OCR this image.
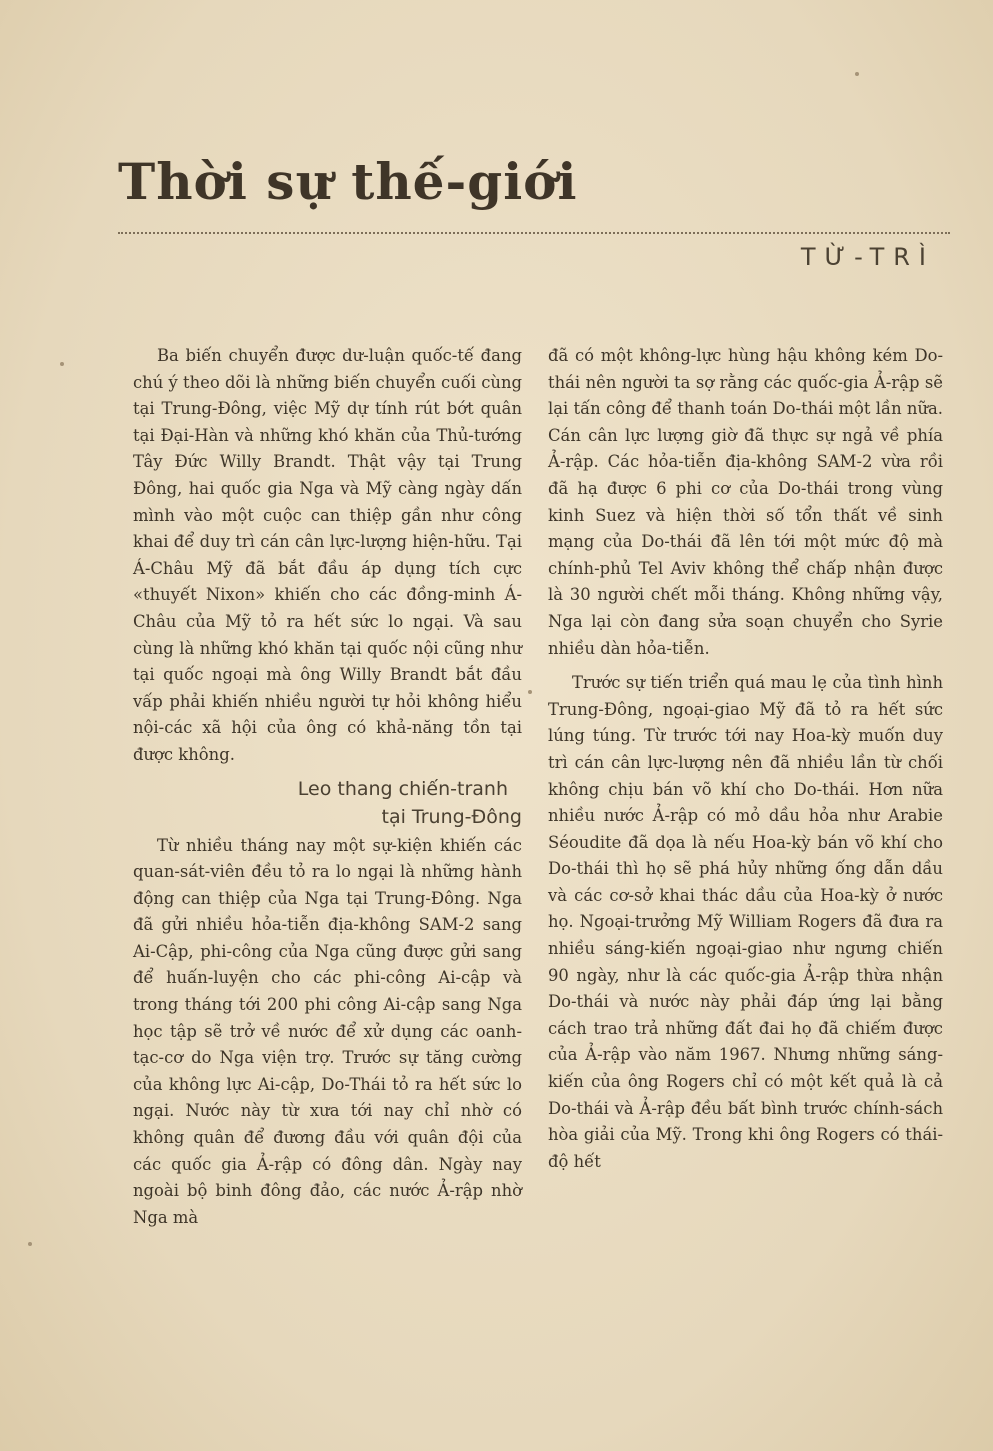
Thời sự thế-giới
TỪ-TRÌ

Ba biến chuyển được dư-luận quốc-tế đang chú ý theo dõi là những biến chuyển cuối cùng tại Trung-Đông, việc Mỹ dự tính rút bớt quân tại Đại-Hàn và những khó khăn của Thủ-tướng Tây Đức Willy Brandt. Thật vậy tại Trung Đông, hai quốc gia Nga và Mỹ càng ngày dấn mình vào một cuộc can thiệp gần như công khai để duy trì cán cân lực-lượng hiện-hữu. Tại Á-Châu Mỹ đã bắt đầu áp dụng tích cực «thuyết Nixon» khiến cho các đồng-minh Á-Châu của Mỹ tỏ ra hết sức lo ngại. Và sau cùng là những khó khăn tại quốc nội cũng như tại quốc ngoại mà ông Willy Brandt bắt đầu vấp phải khiến nhiều người tự hỏi không hiểu nội-các xã hội của ông có khả-năng tồn tại được không.

Leo thang chiến-tranh
tại Trung-Đông

Từ nhiều tháng nay một sự-kiện khiến các quan-sát-viên đều tỏ ra lo ngại là những hành động can thiệp của Nga tại Trung-Đông. Nga đã gửi nhiều hỏa-tiễn địa-không SAM-2 sang Ai-Cập, phi-công của Nga cũng được gửi sang để huấn-luyện cho các phi-công Ai-cập và trong tháng tới 200 phi công Ai-cập sang Nga học tập sẽ trở về nước để xử dụng các oanh-tạc-cơ do Nga viện trợ. Trước sự tăng cường của không lực Ai-cập, Do-Thái tỏ ra hết sức lo ngại. Nước này từ xưa tới nay chỉ nhờ có không quân để đương đầu với quân đội của các quốc gia Ả-rập có đông dân. Ngày nay ngoài bộ binh đông đảo, các nước Ả-rập nhờ Nga mà

đã có một không-lực hùng hậu không kém Do-thái nên người ta sợ rằng các quốc-gia Ả-rập sẽ lại tấn công để thanh toán Do-thái một lần nữa. Cán cân lực lượng giờ đã thực sự ngả về phía Ả-rập. Các hỏa-tiễn địa-không SAM-2 vừa rồi đã hạ được 6 phi cơ của Do-thái trong vùng kinh Suez và hiện thời số tổn thất về sinh mạng của Do-thái đã lên tới một mức độ mà chính-phủ Tel Aviv không thể chấp nhận được là 30 người chết mỗi tháng. Không những vậy, Nga lại còn đang sửa soạn chuyển cho Syrie nhiều dàn hỏa-tiễn.

Trước sự tiến triển quá mau lẹ của tình hình Trung-Đông, ngoại-giao Mỹ đã tỏ ra hết sức lúng túng. Từ trước tới nay Hoa-kỳ muốn duy trì cán cân lực-lượng nên đã nhiều lần từ chối không chịu bán võ khí cho Do-thái. Hơn nữa nhiều nước Ả-rập có mỏ dầu hỏa như Arabie Séoudite đã dọa là nếu Hoa-kỳ bán võ khí cho Do-thái thì họ sẽ phá hủy những ống dẫn dầu và các cơ-sở khai thác dầu của Hoa-kỳ ở nước họ. Ngoại-trưởng Mỹ William Rogers đã đưa ra nhiều sáng-kiến ngoại-giao như ngưng chiến 90 ngày, như là các quốc-gia Ả-rập thừa nhận Do-thái và nước này phải đáp ứng lại bằng cách trao trả những đất đai họ đã chiếm được của Ả-rập vào năm 1967. Nhưng những sáng-kiến của ông Rogers chỉ có một kết quả là cả Do-thái và Ả-rập đều bất bình trước chính-sách hòa giải của Mỹ. Trong khi ông Rogers có thái-độ hết
